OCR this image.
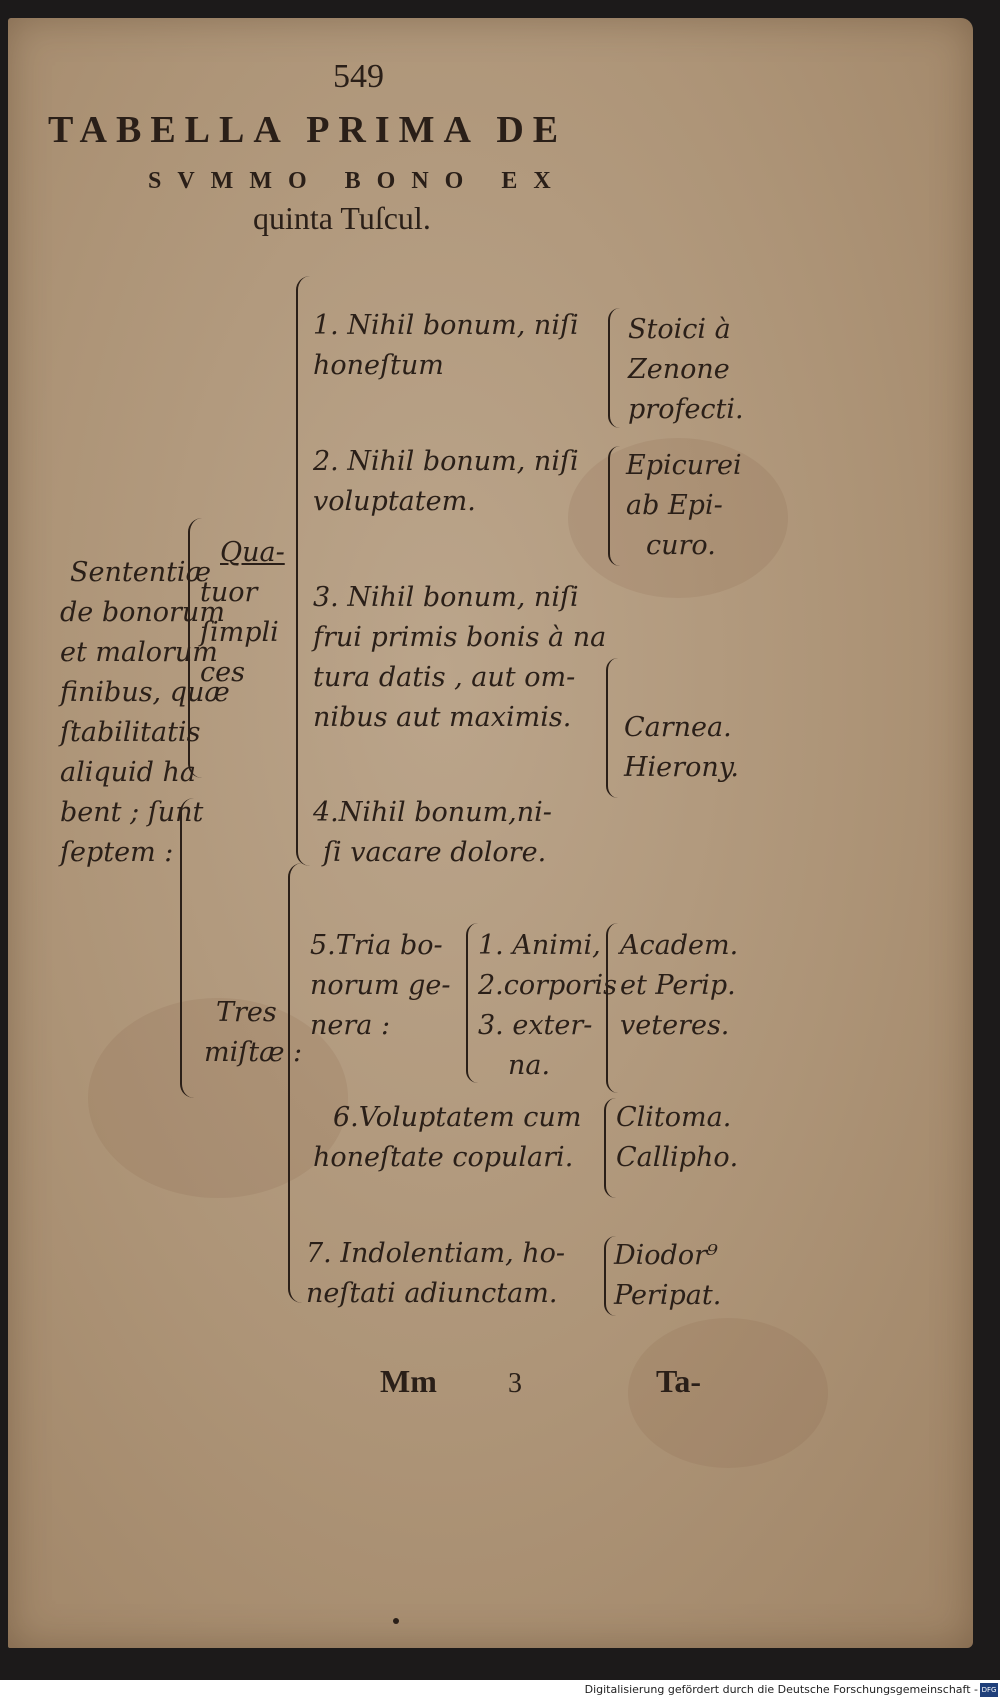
549
TABELLA PRIMA DE
SVMMO BONO EX
quinta Tuſcul.
Sententiæ
de bonorum
et malorum
finibus, quæ
ſtabilitatis
aliquid ha
bent ; ſunt
ſeptem :
Qua-
tuor
ſimpli
ces
Tres
miſtæ :
1. Nihil bonum, niſi
honeſtum
Stoici à
Zenone
profecti.
2. Nihil bonum, niſi
voluptatem.
Epicurei
ab Epi-
curo.
3. Nihil bonum, niſi
frui primis bonis à na
tura datis , aut om-
nibus aut maximis.	Carnea.
Hierony.
4.Nihil bonum,ni-
ſi vacare dolore.
5.Tria bo-
norum ge-
nera :
1. Animi,
2.corporis
3. exter-
na.
Academ.
et Perip.
veteres.
6.Voluptatem cum
honeſtate copulari.
Clitoma.
Calliphο.
7. Indolentiam, ho-
neſtati adiunctam.
Diodor⁹
Peripat.
Mm	3	Ta-
Digitalisierung gefördert durch die Deutsche Forschungsgemeinschaft - DFG
